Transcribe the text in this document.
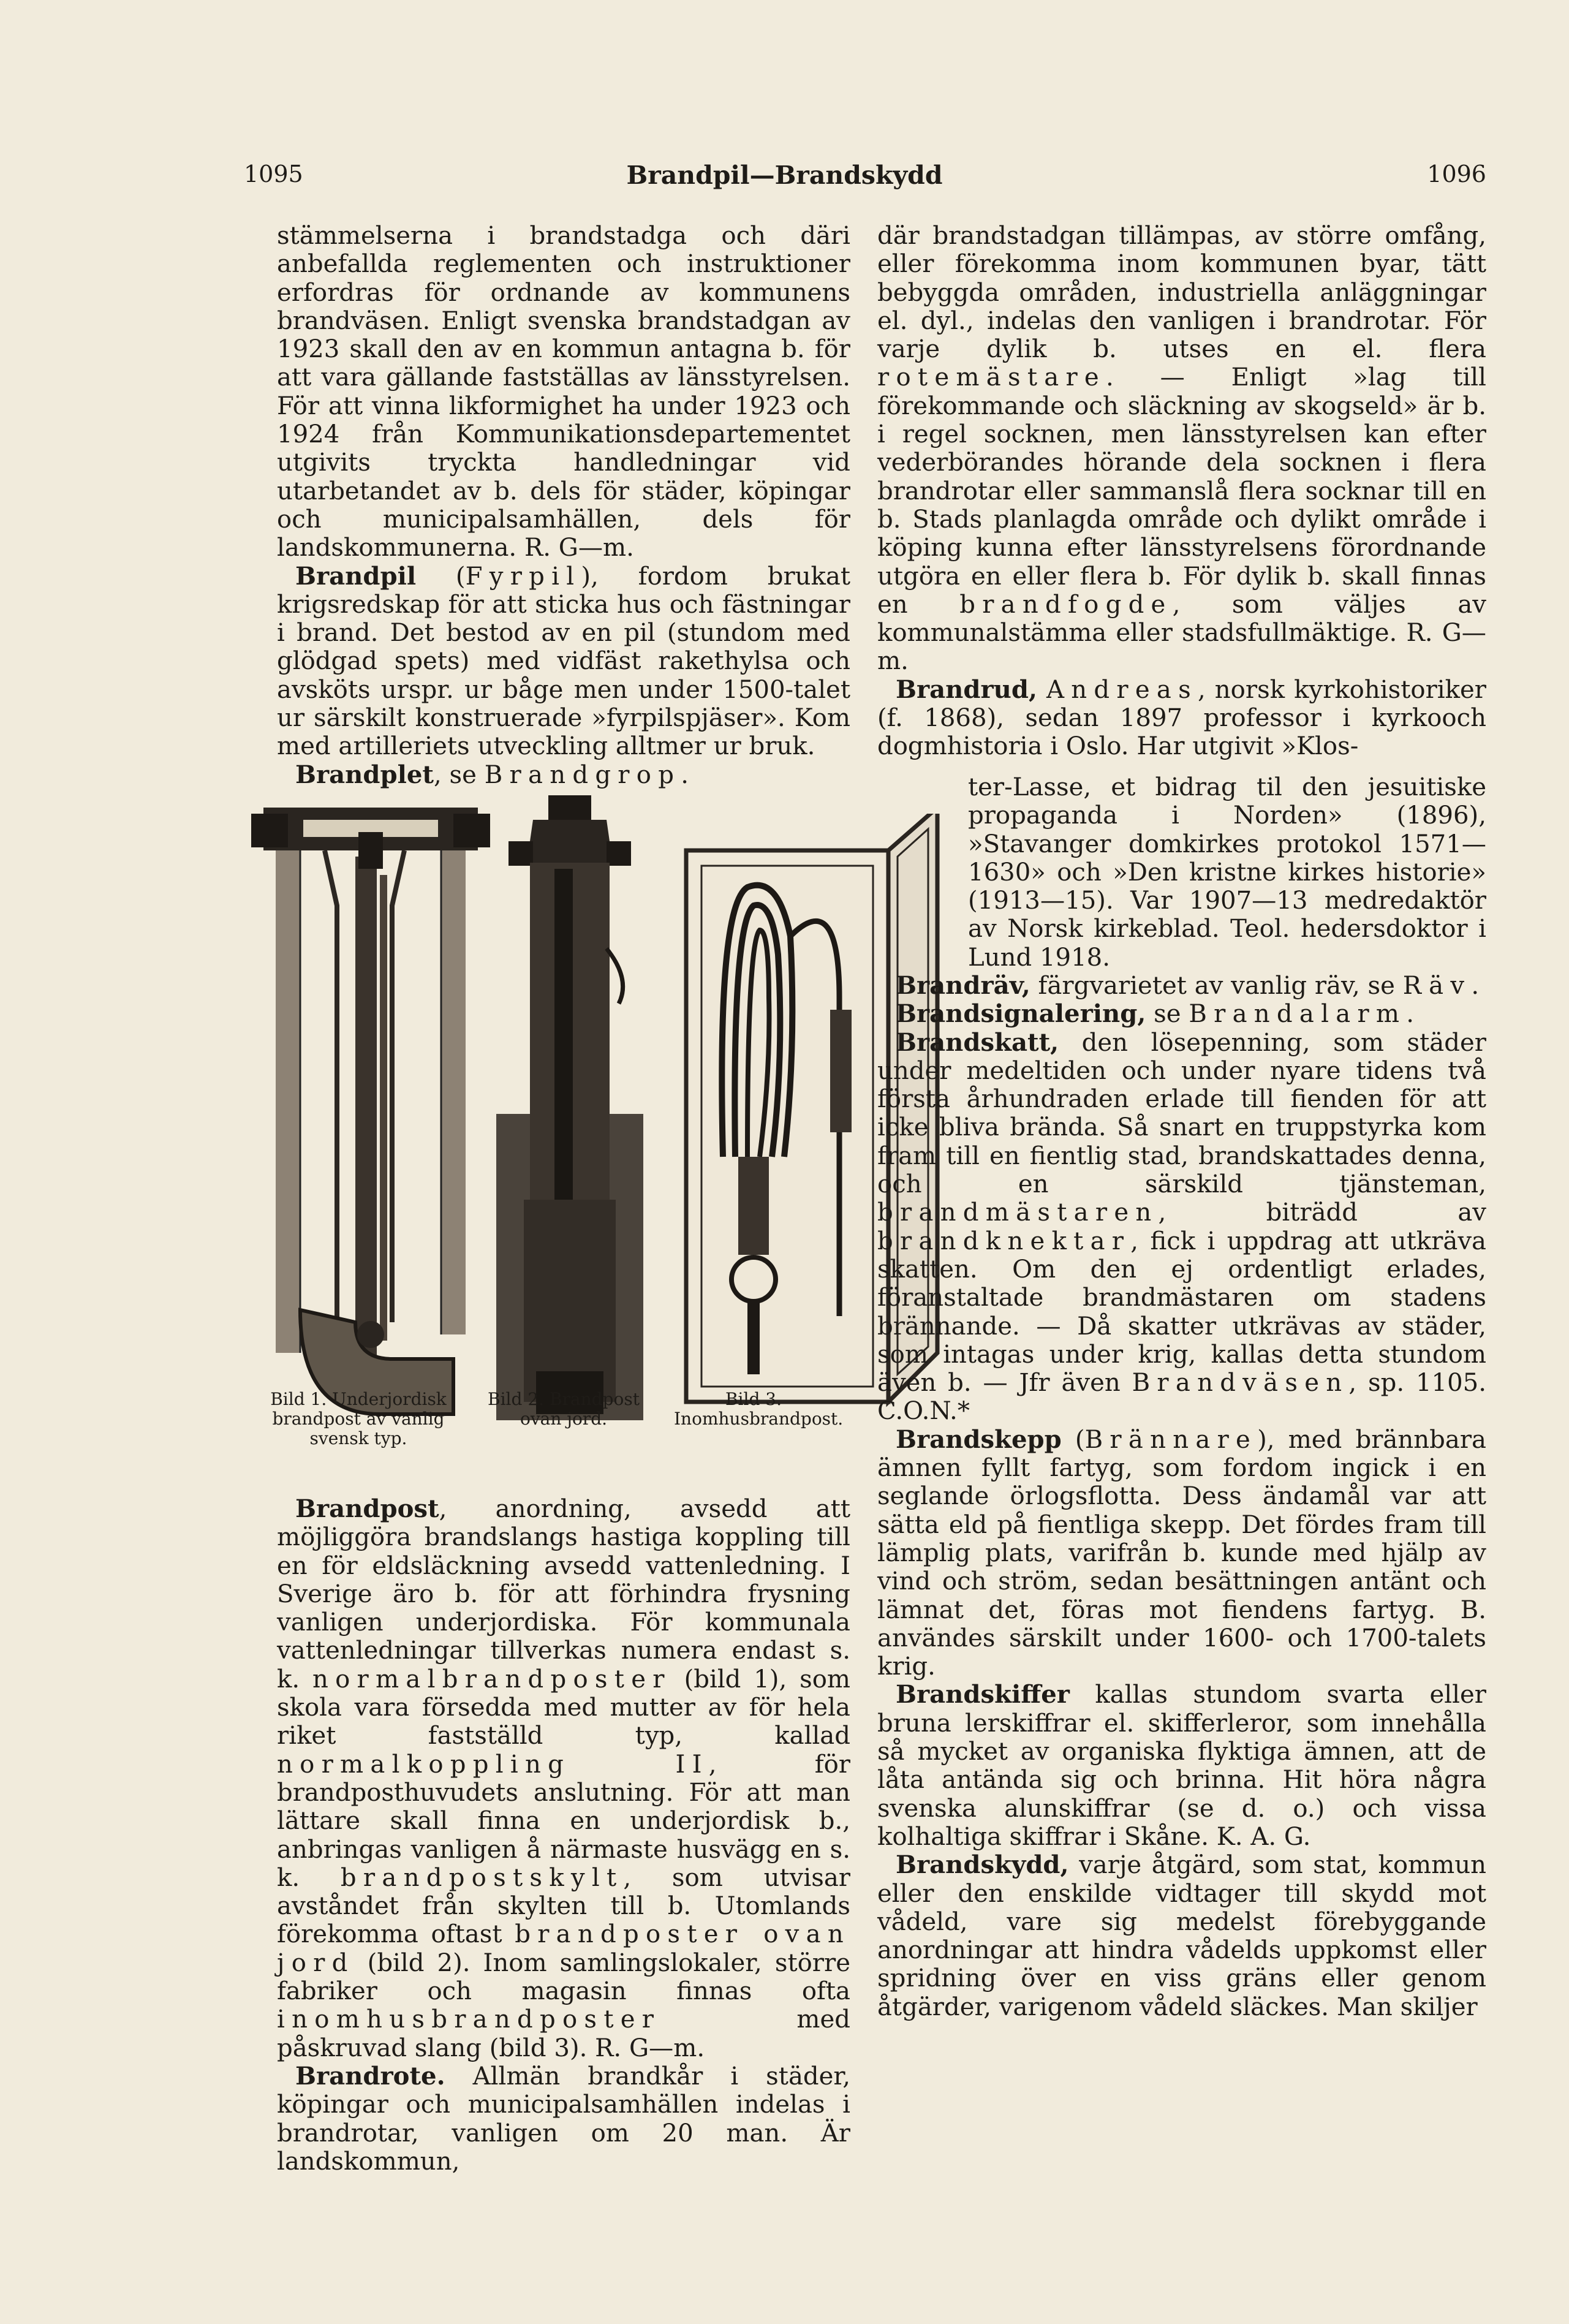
1095	Brandpil—Brandskydd	1096

stämmelserna i brandstadga och däri anbefallda reglementen och instruktioner erfordras för ordnande av kommunens brandväsen. Enligt svenska brandstadgan av 1923 skall den av en kommun antagna b. för att vara gällande fastställas av länsstyrelsen. För att vinna likformighet ha under 1923 och 1924 från Kommunikationsdepartementet utgivits tryckta handledningar vid utarbetandet av b. dels för städer, köpingar och municipalsamhällen, dels för landskommunerna. R. G—m.

Brandpil (Fyrpil), fordom brukat krigsredskap för att sticka hus och fästningar i brand. Det bestod av en pil (stundom med glödgad spets) med vidfäst rakethylsa och avsköts urspr. ur båge men under 1500-talet ur särskilt konstruerade »fyrpilspjäser». Kom med artilleriets utveckling alltmer ur bruk.

Brandplet, se Brandgrop.

Bild 1. Underjordisk brandpost av vanlig svensk typ.
Bild 2. Brandpost ovan jord.
Bild 3. Inomhusbrandpost.

Brandpost, anordning, avsedd att möjliggöra brandslangs hastiga koppling till en för eldsläckning avsedd vattenledning. I Sverige äro b. för att förhindra frysning vanligen underjordiska. För kommunala vattenledningar tillverkas numera endast s. k. normalbrandposter (bild 1), som skola vara försedda med mutter av för hela riket fastställd typ, kallad normalkoppling II, för brandposthuvudets anslutning. För att man lättare skall finna en underjordisk b., anbringas vanligen å närmaste husvägg en s. k. brandpostskylt, som utvisar avståndet från skylten till b. Utomlands förekomma oftast brandposter ovan jord (bild 2). Inom samlingslokaler, större fabriker och magasin finnas ofta inomhusbrandposter med påskruvad slang (bild 3). R. G—m.

Brandrote. Allmän brandkår i städer, köpingar och municipalsamhällen indelas i brandrotar, vanligen om 20 man. Är landskommun,

där brandstadgan tillämpas, av större omfång, eller förekomma inom kommunen byar, tätt bebyggda områden, industriella anläggningar el. dyl., indelas den vanligen i brandrotar. För varje dylik b. utses en el. flera rotemästare. — Enligt »lag till förekommande och släckning av skogseld» är b. i regel socknen, men länsstyrelsen kan efter vederbörandes hörande dela socknen i flera brandrotar eller sammanslå flera socknar till en b. Stads planlagda område och dylikt område i köping kunna efter länsstyrelsens förordnande utgöra en eller flera b. För dylik b. skall finnas en brandfogde, som väljes av kommunalstämma eller stadsfullmäktige. R. G—m.

Brandrud, Andreas, norsk kyrkohistoriker (f. 1868), sedan 1897 professor i kyrkooch dogmhistoria i Oslo. Har utgivit »Klos-

ter-Lasse, et bidrag til den jesuitiske propaganda i Norden» (1896), »Stavanger domkirkes protokol 1571—1630» och »Den kristne kirkes historie» (1913—15). Var 1907—13 medredaktör av Norsk kirkeblad. Teol. hedersdoktor i Lund 1918.

Brandräv, färgvarietet av vanlig räv, se Räv.

Brandsignalering, se Brandalarm.

Brandskatt, den lösepenning, som städer under medeltiden och under nyare tidens två första århundraden erlade till fienden för att icke bliva brända. Så snart en truppstyrka kom fram till en fientlig stad, brandskattades denna, och en särskild tjänsteman, brandmästaren, biträdd av brandknektar, fick i uppdrag att utkräva skatten. Om den ej ordentligt erlades, föranstaltade brandmästaren om stadens brännande. — Då skatter utkrävas av städer, som intagas under krig, kallas detta stundom även b. — Jfr även Brandväsen, sp. 1105. C.O.N.*

Brandskepp (Brännare), med brännbara ämnen fyllt fartyg, som fordom ingick i en seglande örlogsflotta. Dess ändamål var att sätta eld på fientliga skepp. Det fördes fram till lämplig plats, varifrån b. kunde med hjälp av vind och ström, sedan besättningen antänt och lämnat det, föras mot fiendens fartyg. B. användes särskilt under 1600- och 1700-talets krig.

Brandskiffer kallas stundom svarta eller bruna lerskiffrar el. skifferleror, som innehålla så mycket av organiska flyktiga ämnen, att de låta antända sig och brinna. Hit höra några svenska alunskiffrar (se d. o.) och vissa kolhaltiga skiffrar i Skåne. K. A. G.

Brandskydd, varje åtgärd, som stat, kommun eller den enskilde vidtager till skydd mot vådeld, vare sig medelst förebyggande anordningar att hindra vådelds uppkomst eller spridning över en viss gräns eller genom åtgärder, varigenom vådeld släckes. Man skiljer
